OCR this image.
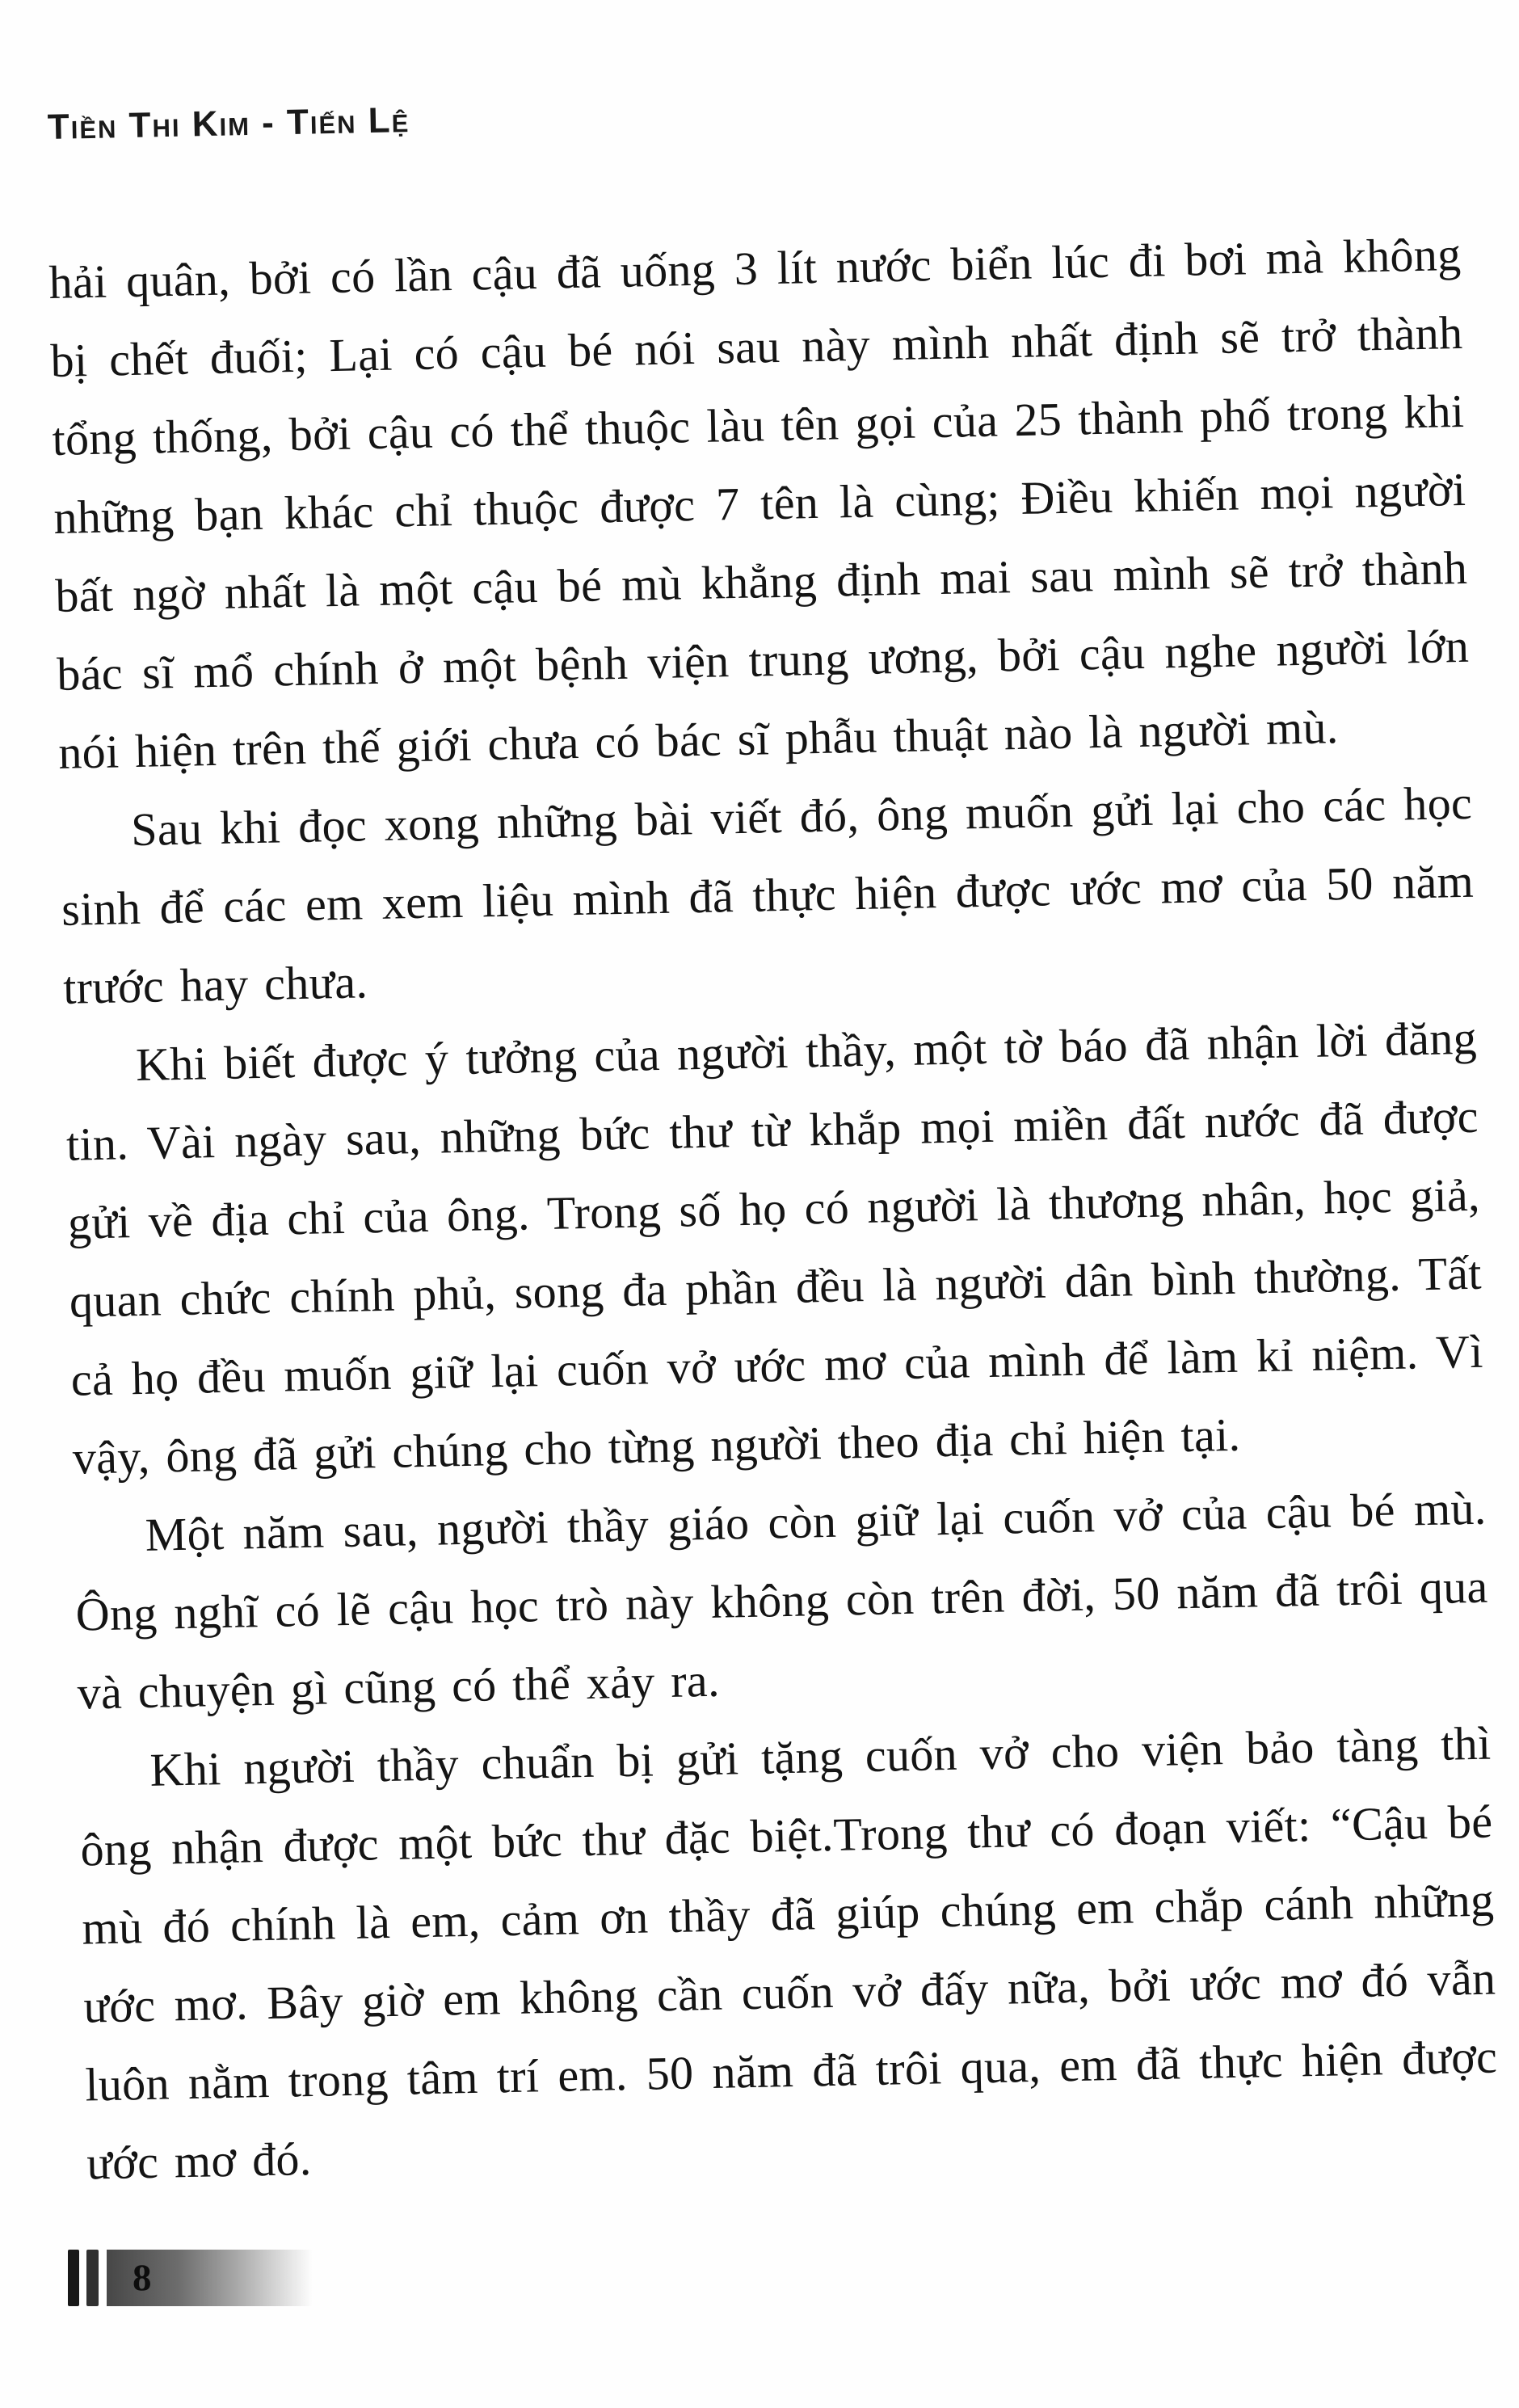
Tiền Thi Kim - Tiến Lệ

hải quân, bởi có lần cậu đã uống 3 lít nước biển lúc đi bơi mà không bị chết đuối; Lại có cậu bé nói sau này mình nhất định sẽ trở thành tổng thống, bởi cậu có thể thuộc làu tên gọi của 25 thành phố trong khi những bạn khác chỉ thuộc được 7 tên là cùng; Điều khiến mọi người bất ngờ nhất là một cậu bé mù khẳng định mai sau mình sẽ trở thành bác sĩ mổ chính ở một bệnh viện trung ương, bởi cậu nghe người lớn nói hiện trên thế giới chưa có bác sĩ phẫu thuật nào là người mù.

Sau khi đọc xong những bài viết đó, ông muốn gửi lại cho các học sinh để các em xem liệu mình đã thực hiện được ước mơ của 50 năm trước hay chưa.

Khi biết được ý tưởng của người thầy, một tờ báo đã nhận lời đăng tin. Vài ngày sau, những bức thư từ khắp mọi miền đất nước đã được gửi về địa chỉ của ông. Trong số họ có người là thương nhân, học giả, quan chức chính phủ, song đa phần đều là người dân bình thường. Tất cả họ đều muốn giữ lại cuốn vở ước mơ của mình để làm kỉ niệm. Vì vậy, ông đã gửi chúng cho từng người theo địa chỉ hiện tại.

Một năm sau, người thầy giáo còn giữ lại cuốn vở của cậu bé mù. Ông nghĩ có lẽ cậu học trò này không còn trên đời, 50 năm đã trôi qua và chuyện gì cũng có thể xảy ra.

Khi người thầy chuẩn bị gửi tặng cuốn vở cho viện bảo tàng thì ông nhận được một bức thư đặc biệt.Trong thư có đoạn viết: “Cậu bé mù đó chính là em, cảm ơn thầy đã giúp chúng em chắp cánh những ước mơ. Bây giờ em không cần cuốn vở đấy nữa, bởi ước mơ đó vẫn luôn nằm trong tâm trí em. 50 năm đã trôi qua, em đã thực hiện được ước mơ đó.

8
